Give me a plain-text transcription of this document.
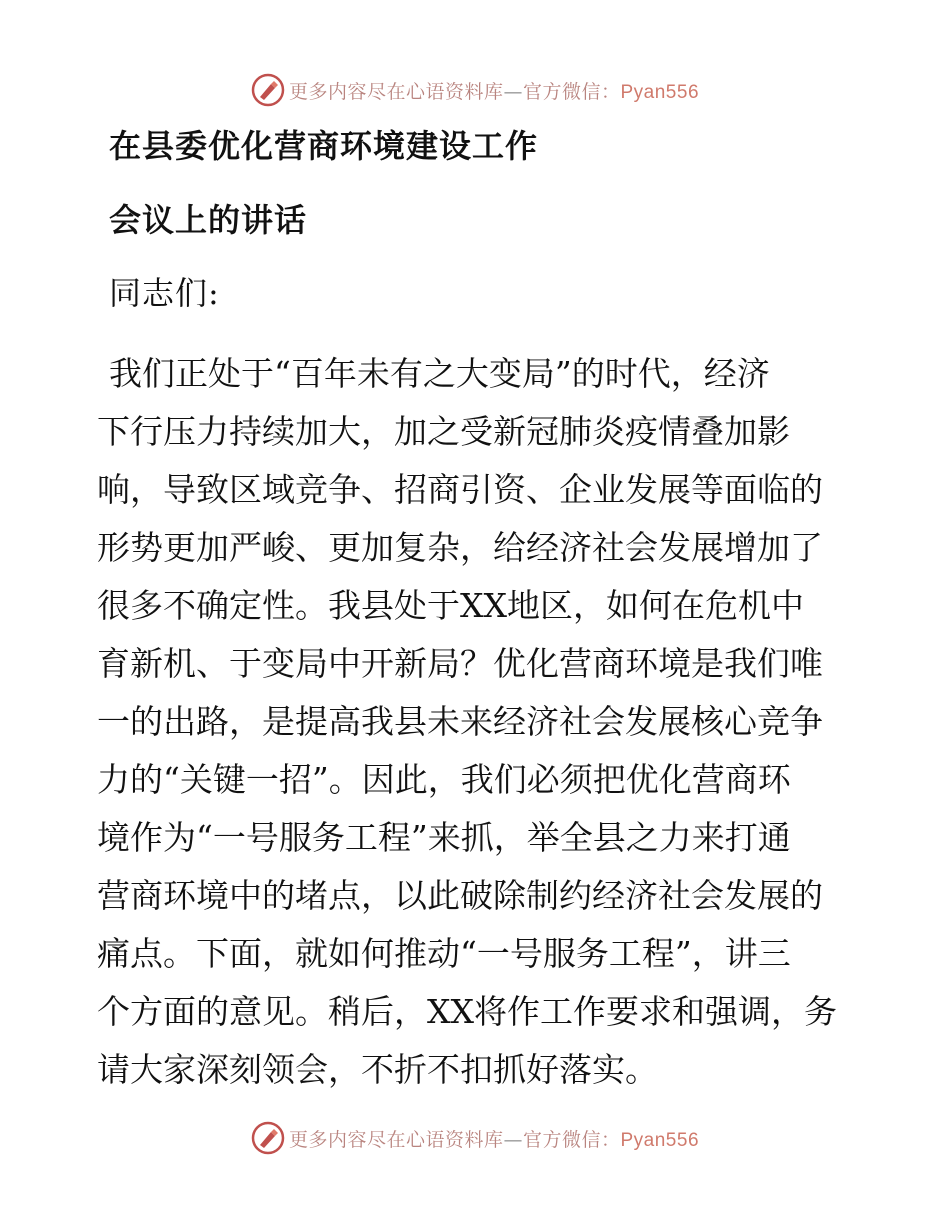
更多内容尽在心语资料库—官方微信：Pyan556
在县委优化营商环境建设工作
会议上的讲话

同志们:

我们正处于“百年未有之大变局”的时代，经济
下行压力持续加大，加之受新冠肺炎疫情叠加影
响，导致区域竞争、招商引资、企业发展等面临的
形势更加严峻、更加复杂，给经济社会发展增加了
很多不确定性。我县处于XX地区，如何在危机中
育新机、于变局中开新局？优化营商环境是我们唯
一的出路，是提高我县未来经济社会发展核心竞争
力的“关键一招”。因此，我们必须把优化营商环
境作为“一号服务工程”来抓，举全县之力来打通
营商环境中的堵点，以此破除制约经济社会发展的
痛点。下面，就如何推动“一号服务工程”，讲三
个方面的意见。稍后，XX将作工作要求和强调，务
请大家深刻领会，不折不扣抓好落实。
更多内容尽在心语资料库—官方微信：Pyan556
